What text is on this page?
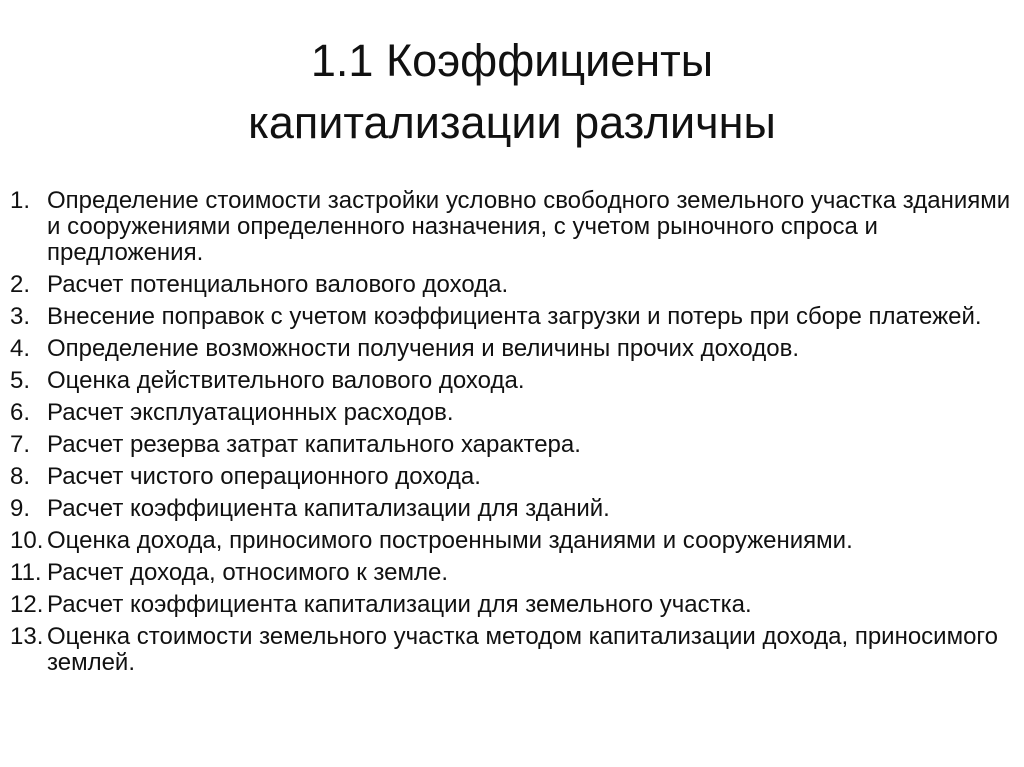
1.1 Коэффициенты
капитализации различны
1. Определение стоимости застройки условно свободного земельного участка зданиями и сооружениями определенного назначения, с учетом рыночного спроса и предложения.
2. Расчет потенциального валового дохода.
3. Внесение поправок с учетом коэффициента загрузки и потерь при сборе платежей.
4. Определение возможности получения и величины прочих доходов.
5. Оценка действительного валового дохода.
6. Расчет эксплуатационных расходов.
7. Расчет резерва затрат капитального характера.
8. Расчет чистого операционного дохода.
9. Расчет коэффициента капитализации для зданий.
10. Оценка дохода, приносимого построенными зданиями и сооружениями.
11. Расчет дохода, относимого к земле.
12. Расчет коэффициента капитализации для земельного участка.
13. Оценка стоимости земельного участка методом капитализации дохода, приносимого землей.
